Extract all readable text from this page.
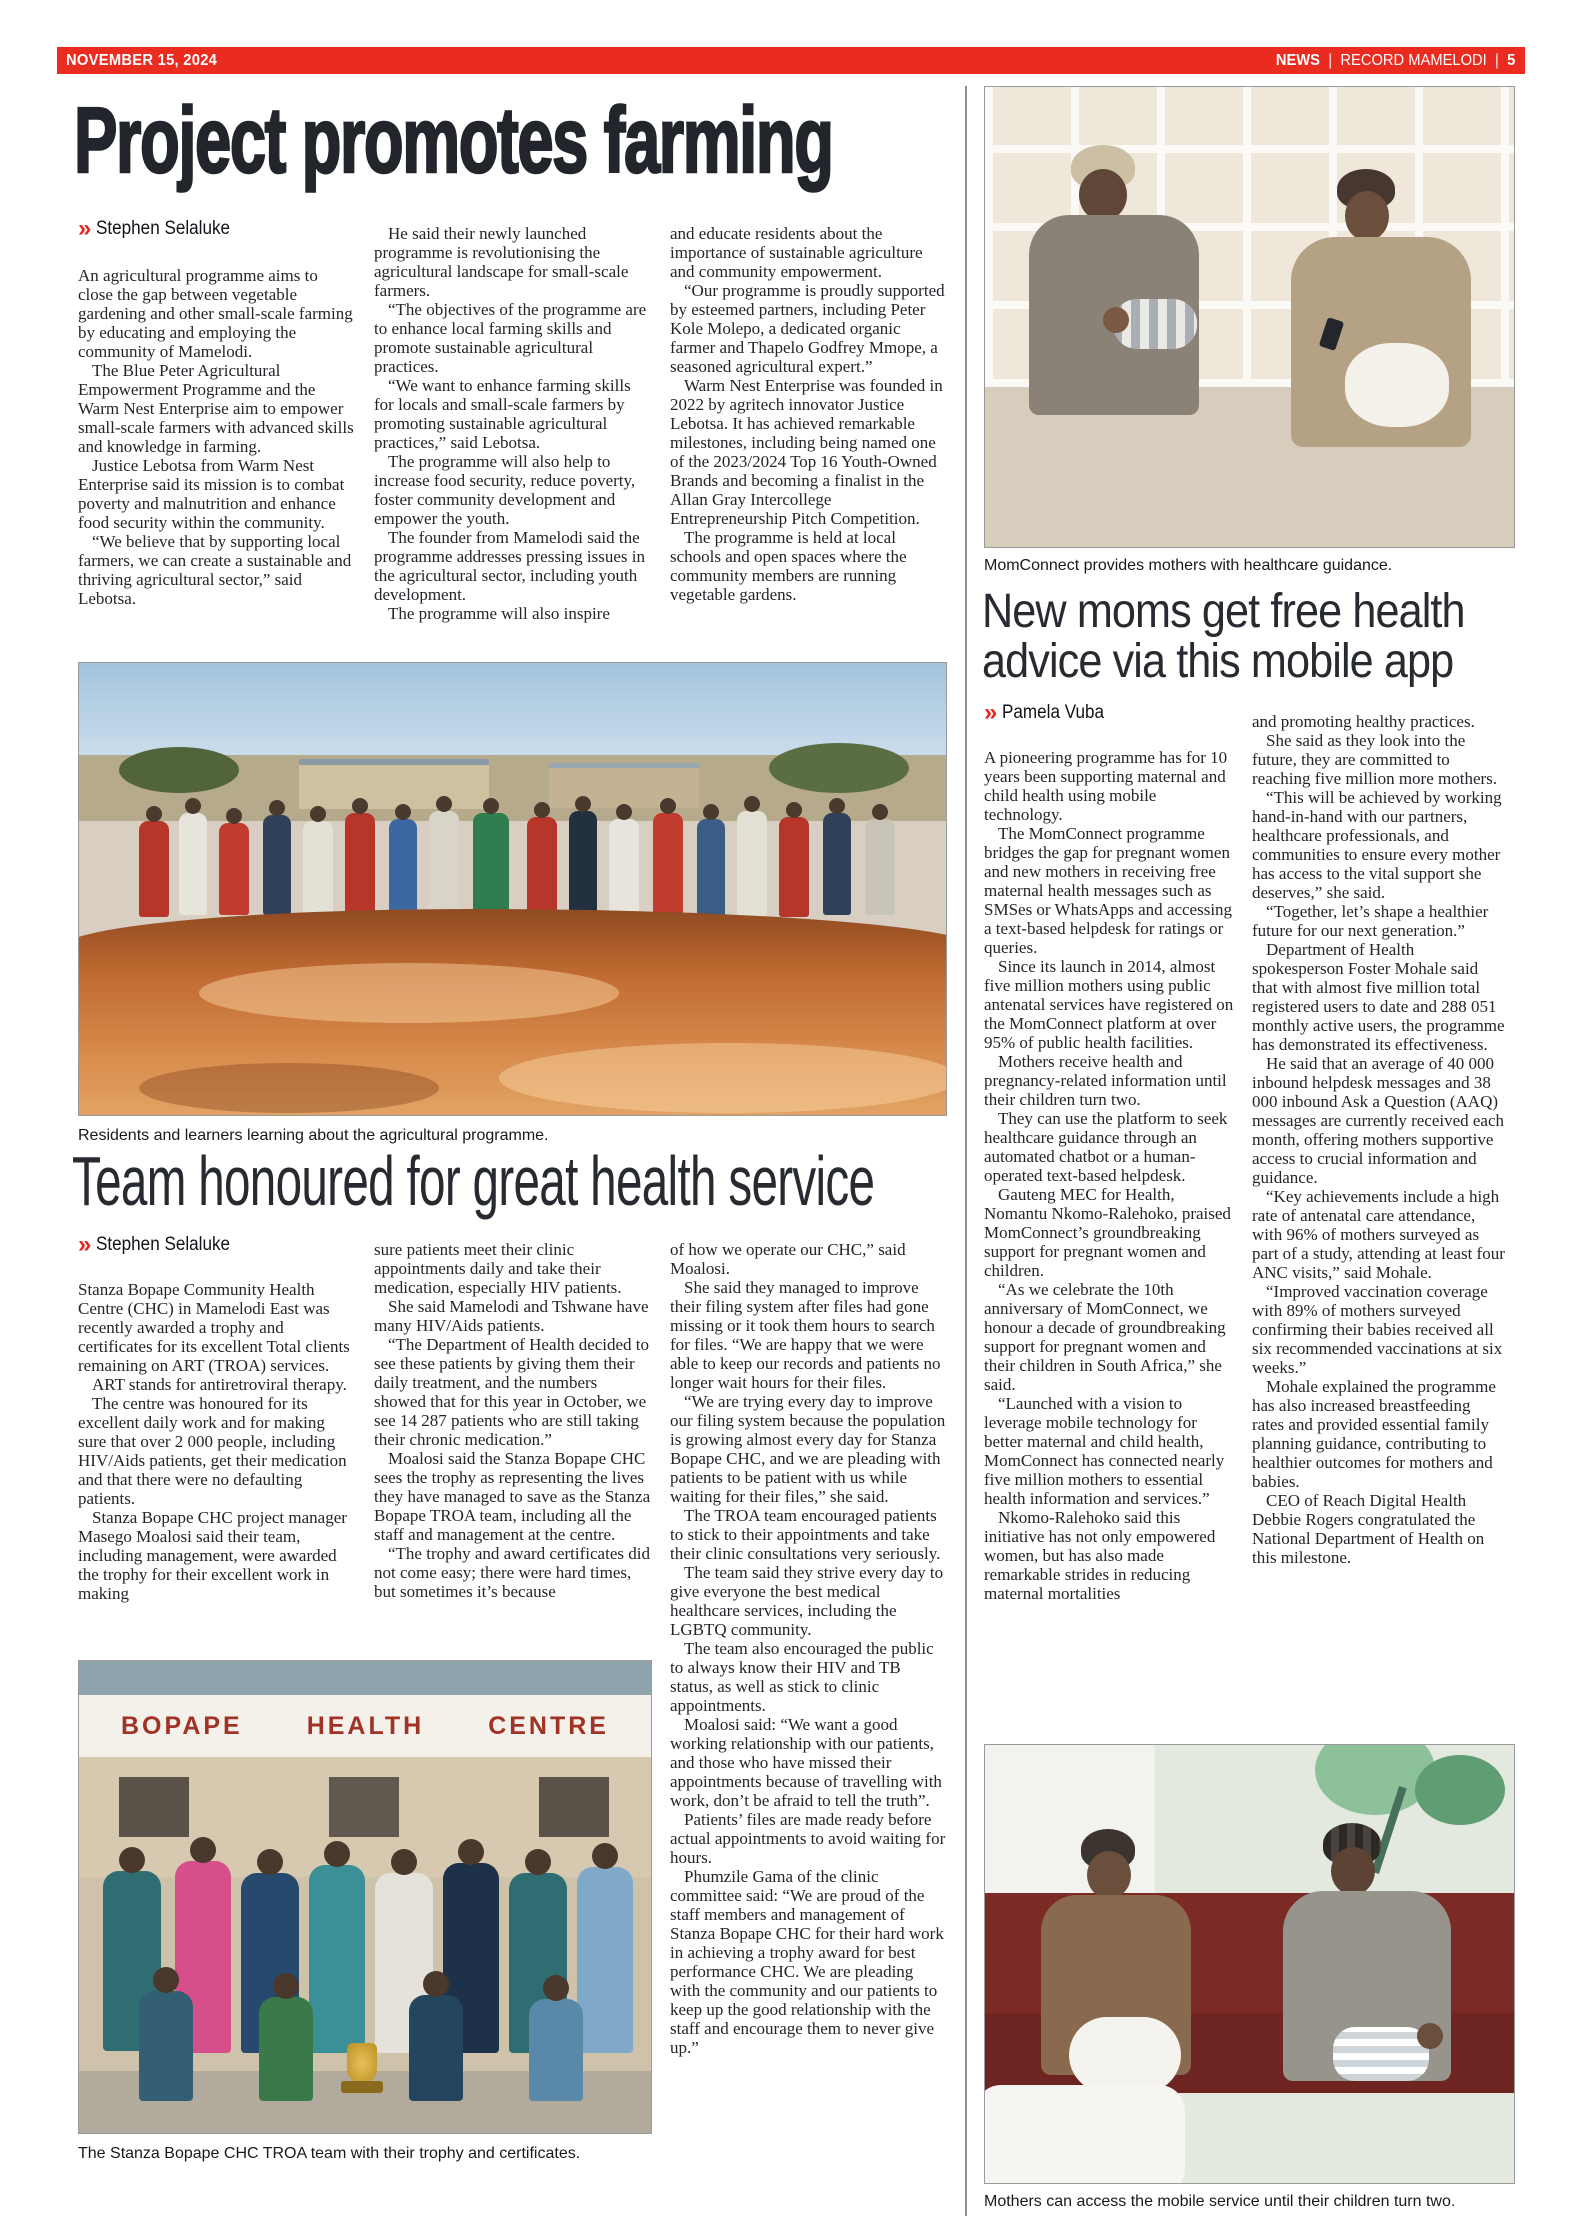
NOVEMBER 15, 2024	NEWS | RECORD MAMELODI | 5
Project promotes farming
» Stephen Selaluke

An agricultural programme aims to close the gap between vegetable gardening and other small-scale farming by educating and employing the community of Mamelodi.

The Blue Peter Agricultural Empowerment Programme and the Warm Nest Enterprise aim to empower small-scale farmers with advanced skills and knowledge in farming.

Justice Lebotsa from Warm Nest Enterprise said its mission is to combat poverty and malnutrition and enhance food security within the community.

“We believe that by supporting local farmers, we can create a sustainable and thriving agricultural sector,” said Lebotsa.

He said their newly launched programme is revolutionising the agricultural landscape for small-scale farmers.

“The objectives of the programme are to enhance local farming skills and promote sustainable agricultural practices.

“We want to enhance farming skills for locals and small-scale farmers by promoting sustainable agricultural practices,” said Lebotsa.

The programme will also help to increase food security, reduce poverty, foster community development and empower the youth.

The founder from Mamelodi said the programme addresses pressing issues in the agricultural sector, including youth development.

The programme will also inspire

and educate residents about the importance of sustainable agriculture and community empowerment.

“Our programme is proudly supported by esteemed partners, including Peter Kole Molepo, a dedicated organic farmer and Thapelo Godfrey Mmope, a seasoned agricultural expert.”

Warm Nest Enterprise was founded in 2022 by agritech innovator Justice Lebotsa. It has achieved remarkable milestones, including being named one of the 2023/2024 Top 16 Youth-Owned Brands and becoming a finalist in the Allan Gray Intercollege Entrepreneurship Pitch Competition.

The programme is held at local schools and open spaces where the community members are running vegetable gardens.

Residents and learners learning about the agricultural programme.
Team honoured for great health service
» Stephen Selaluke

Stanza Bopape Community Health Centre (CHC) in Mamelodi East was recently awarded a trophy and certificates for its excellent Total clients remaining on ART (TROA) services.

ART stands for antiretroviral therapy.

The centre was honoured for its excellent daily work and for making sure that over 2 000 people, including HIV/Aids patients, get their medication and that there were no defaulting patients.

Stanza Bopape CHC project manager Masego Moalosi said their team, including management, were awarded the trophy for their excellent work in making

sure patients meet their clinic appointments daily and take their medication, especially HIV patients.

She said Mamelodi and Tshwane have many HIV/Aids patients.

“The Department of Health decided to see these patients by giving them their daily treatment, and the numbers showed that for this year in October, we see 14 287 patients who are still taking their chronic medication.”

Moalosi said the Stanza Bopape CHC sees the trophy as representing the lives they have managed to save as the Stanza Bopape TROA team, including all the staff and management at the centre.

“The trophy and award certificates did not come easy; there were hard times, but sometimes it’s because

of how we operate our CHC,” said Moalosi.

She said they managed to improve their filing system after files had gone missing or it took them hours to search for files. “We are happy that we were able to keep our records and patients no longer wait hours for their files.

“We are trying every day to improve our filing system because the population is growing almost every day for Stanza Bopape CHC, and we are pleading with patients to be patient with us while waiting for their files,” she said.

The TROA team encouraged patients to stick to their appointments and take their clinic consultations very seriously.

The team said they strive every day to give everyone the best medical healthcare services, including the LGBTQ community.

The team also encouraged the public to always know their HIV and TB status, as well as stick to clinic appointments.

Moalosi said: “We want a good working relationship with our patients, and those who have missed their appointments because of travelling with work, don’t be afraid to tell the truth”.

Patients’ files are made ready before actual appointments to avoid waiting for hours.

Phumzile Gama of the clinic committee said: “We are proud of the staff members and management of Stanza Bopape CHC for their hard work in achieving a trophy award for best performance CHC. We are pleading with the community and our patients to keep up the good relationship with the staff and encourage them to never give up.”

BOPAPE	HEALTH	CENTRE
The Stanza Bopape CHC TROA team with their trophy and certificates.
MomConnect provides mothers with healthcare guidance.
New moms get free health
advice via this mobile app
» Pamela Vuba

A pioneering programme has for 10 years been supporting maternal and child health using mobile technology.

The MomConnect programme bridges the gap for pregnant women and new mothers in receiving free maternal health messages such as SMSes or WhatsApps and accessing a text-based helpdesk for ratings or queries.

Since its launch in 2014, almost five million mothers using public antenatal services have registered on the MomConnect platform at over 95% of public health facilities.

Mothers receive health and pregnancy-related information until their children turn two.

They can use the platform to seek healthcare guidance through an automated chatbot or a human-operated text-based helpdesk.

Gauteng MEC for Health, Nomantu Nkomo-Ralehoko, praised MomConnect’s groundbreaking support for pregnant women and children.

“As we celebrate the 10th anniversary of MomConnect, we honour a decade of groundbreaking support for pregnant women and their children in South Africa,” she said.

“Launched with a vision to leverage mobile technology for better maternal and child health, MomConnect has connected nearly five million mothers to essential health information and services.”

Nkomo-Ralehoko said this initiative has not only empowered women, but has also made remarkable strides in reducing maternal mortalities

and promoting healthy practices.

She said as they look into the future, they are committed to reaching five million more mothers.

“This will be achieved by working hand-in-hand with our partners, healthcare professionals, and communities to ensure every mother has access to the vital support she deserves,” she said.

“Together, let’s shape a healthier future for our next generation.”

Department of Health spokesperson Foster Mohale said that with almost five million total registered users to date and 288 051 monthly active users, the programme has demonstrated its effectiveness.

He said that an average of 40 000 inbound helpdesk messages and 38 000 inbound Ask a Question (AAQ) messages are currently received each month, offering mothers supportive access to crucial information and guidance.

“Key achievements include a high rate of antenatal care attendance, with 96% of mothers surveyed as part of a study, attending at least four ANC visits,” said Mohale.

“Improved vaccination coverage with 89% of mothers surveyed confirming their babies received all six recommended vaccinations at six weeks.”

Mohale explained the programme has also increased breastfeeding rates and provided essential family planning guidance, contributing to healthier outcomes for mothers and babies.

CEO of Reach Digital Health Debbie Rogers congratulated the National Department of Health on this milestone.

Mothers can access the mobile service until their children turn two.
